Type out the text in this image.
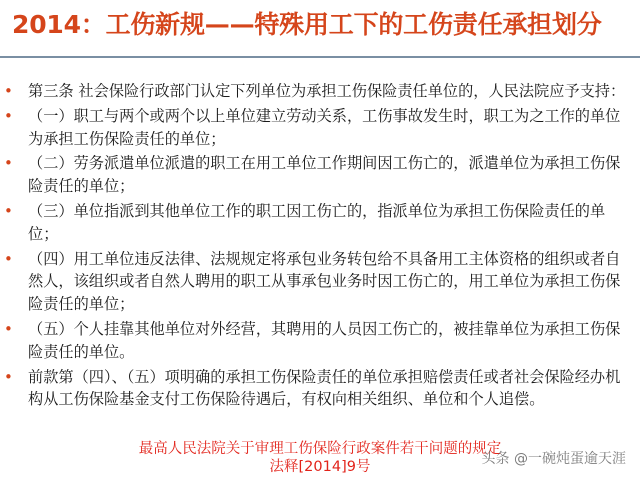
2014：工伤新规——特殊用工下的工伤责任承担划分
• 第三条 社会保险行政部门认定下列单位为承担工伤保险责任单位的，人民法院应予支持：
• （一）职工与两个或两个以上单位建立劳动关系，工伤事故发生时，职工为之工作的单位为承担工伤保险责任的单位；
• （二）劳务派遣单位派遣的职工在用工单位工作期间因工伤亡的，派遣单位为承担工伤保险责任的单位；
• （三）单位指派到其他单位工作的职工因工伤亡的，指派单位为承担工伤保险责任的单位；
• （四）用工单位违反法律、法规规定将承包业务转包给不具备用工主体资格的组织或者自然人，该组织或者自然人聘用的职工从事承包业务时因工伤亡的，用工单位为承担工伤保险责任的单位；
• （五）个人挂靠其他单位对外经营，其聘用的人员因工伤亡的，被挂靠单位为承担工伤保险责任的单位。
• 前款第（四）、（五）项明确的承担工伤保险责任的单位承担赔偿责任或者社会保险经办机构从工伤保险基金支付工伤保险待遇后，有权向相关组织、单位和个人追偿。
最高人民法院关于审理工伤保险行政案件若干问题的规定
法释[2014]9号	头条 @一碗炖蛋逾天涯
